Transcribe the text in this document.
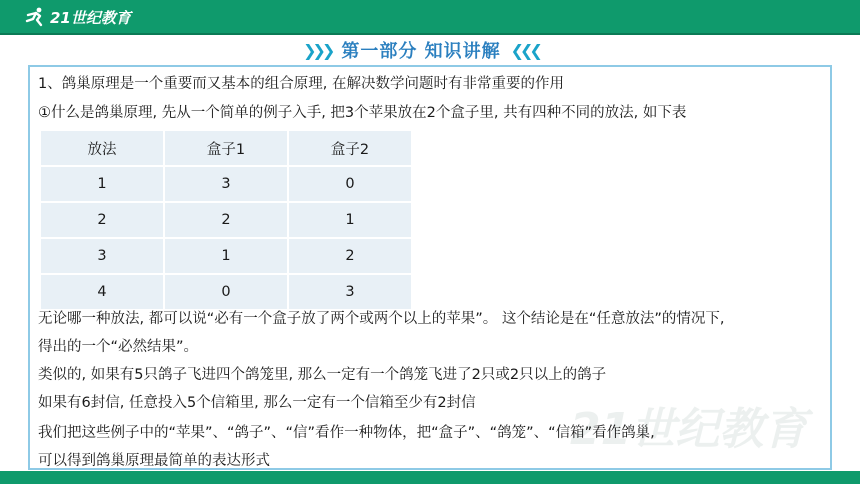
21世纪教育
❯❯❯ 第一部分 知识讲解 ❮❮❮
21世纪教育
1、鸽巢原理是一个重要而又基本的组合原理, 在解决数学问题时有非常重要的作用
①什么是鸽巢原理, 先从一个简单的例子入手, 把3个苹果放在2个盒子里, 共有四种不同的放法, 如下表
放法	盒子1	盒子2
1	3	0
2	2	1
3	1	2
4	0	3
无论哪一种放法, 都可以说“必有一个盒子放了两个或两个以上的苹果”。 这个结论是在“任意放法”的情况下,
得出的一个“必然结果”。
类似的, 如果有5只鸽子飞进四个鸽笼里, 那么一定有一个鸽笼飞进了2只或2只以上的鸽子
如果有6封信, 任意投入5个信箱里, 那么一定有一个信箱至少有2封信
我们把这些例子中的“苹果”、“鸽子”、“信”看作一种物体，把“盒子”、“鸽笼”、“信箱”看作鸽巢,
可以得到鸽巢原理最简单的表达形式
